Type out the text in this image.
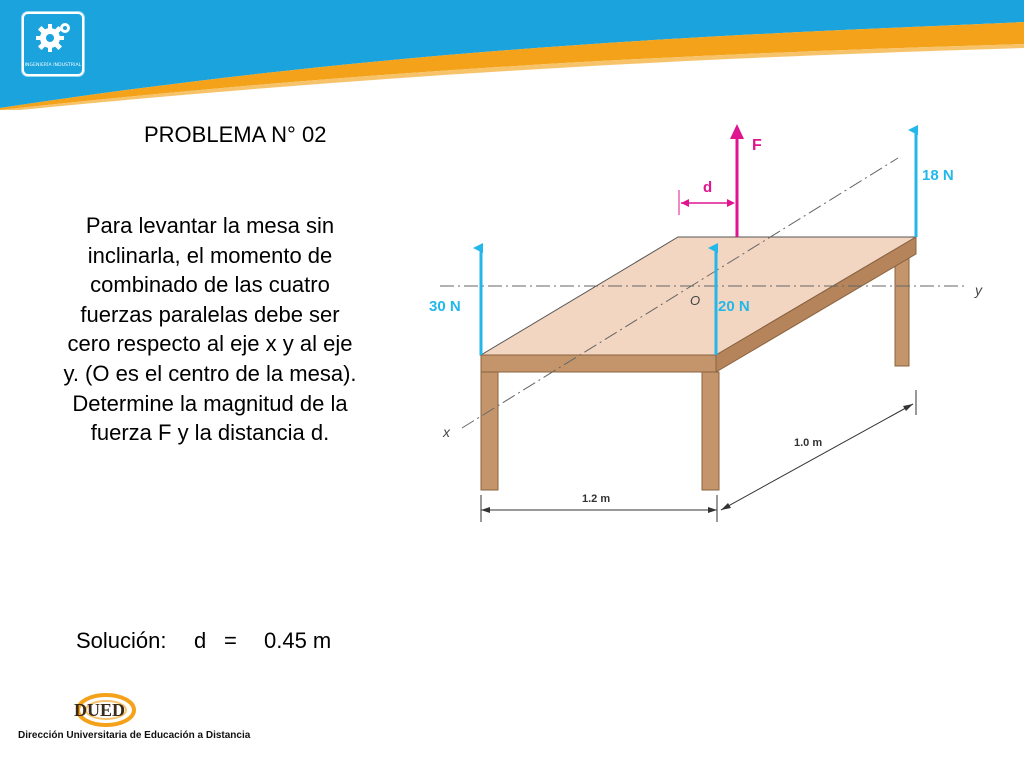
INGENIERÍA INDUSTRIAL
PROBLEMA N° 02
Para levantar la mesa sin inclinarla, el momento de combinado de las cuatro fuerzas paralelas debe ser cero respecto al eje x y al eje y. (O es el centro de la mesa). Determine la magnitud de la fuerza F y la distancia d.
Solución: d = 0.45 m
y
x
O
30 N	20 N
18 N
F
d
1.2 m
1.0 m
DUED
Dirección Universitaria de Educación a Distancia
